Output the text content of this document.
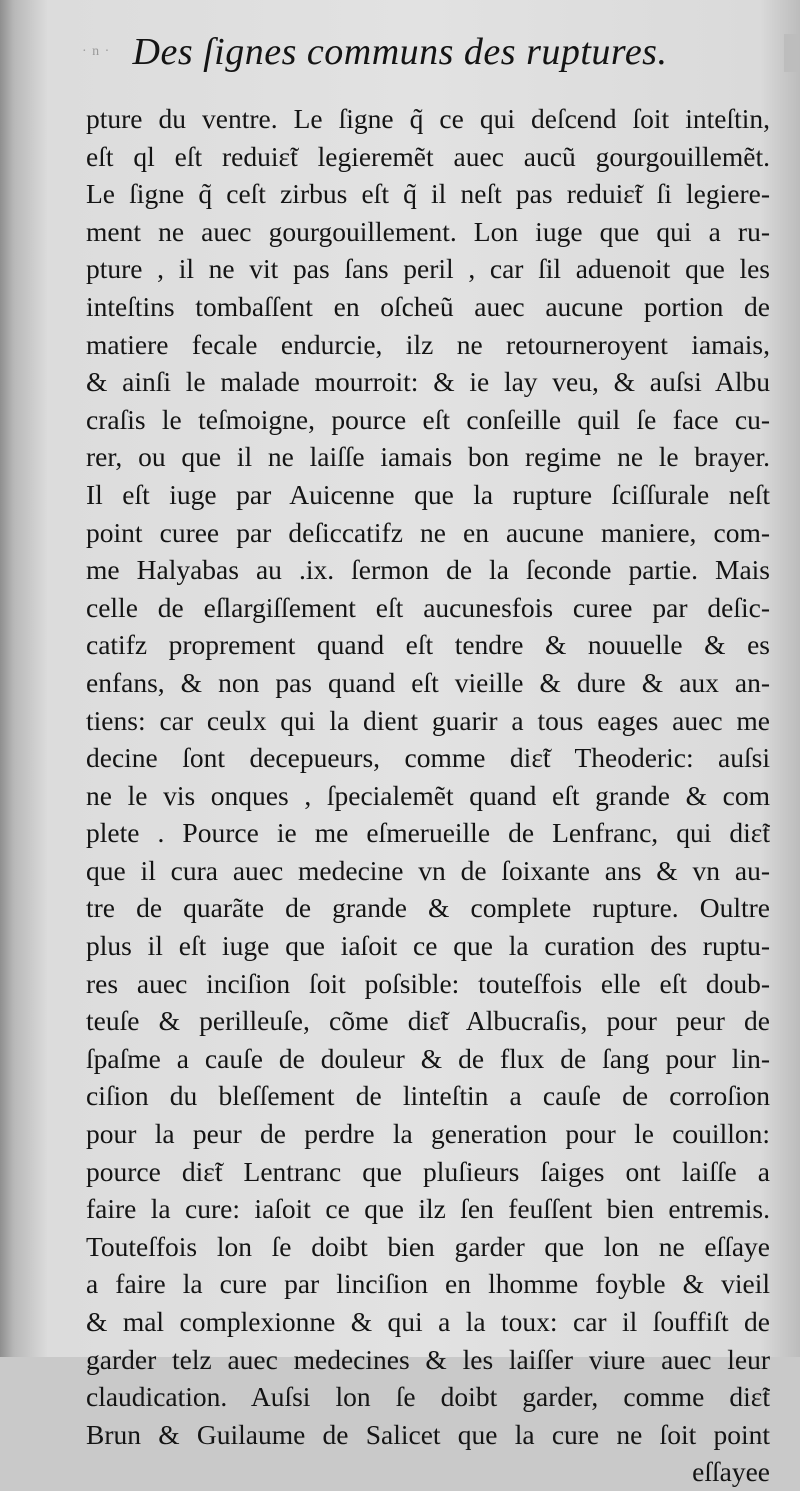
· n · Des ſignes communs des ruptures.
pture du ventre. Le ſigne q̃ ce qui deſcend ſoit inteſtin,
eſt ql eſt reduiɛ̃t legieremẽt auec aucũ gourgouillemẽt.
Le ſigne q̃ ceſt zirbus eſt q̃ il neſt pas reduiɛ̃t ſi legiere-
ment ne auec gourgouillement. Lon iuge que qui a ru-
pture , il ne vit pas ſans peril , car ſil aduenoit que les
inteſtins tombaſſent en oſcheũ auec aucune portion de
matiere fecale endurcie, ilz ne retourneroyent iamais,
& ainſi le malade mourroit: & ie lay veu, & auſsi Albu
craſis le teſmoigne, pource eſt conſeille quil ſe face cu-
rer, ou que il ne laiſſe iamais bon regime ne le brayer.
Il eſt iuge par Auicenne que la rupture ſciſſurale neſt
point curee par deſiccatifz ne en aucune maniere, com-
me Halyabas au .ix. ſermon de la ſeconde partie. Mais
celle de eſlargiſſement eſt aucunesfois curee par deſic-
catifz proprement quand eſt tendre & nouuelle & es
enfans, & non pas quand eſt vieille & dure & aux an-
tiens: car ceulx qui la dient guarir a tous eages auec me
decine ſont decepueurs, comme diɛ̃t Theoderic: auſsi
ne le vis onques , ſpecialemẽt quand eſt grande & com
plete . Pource ie me eſmerueille de Lenfranc, qui diɛ̃t
que il cura auec medecine vn de ſoixante ans & vn au-
tre de quarãte de grande & complete rupture. Oultre
plus il eſt iuge que iaſoit ce que la curation des ruptu-
res auec inciſion ſoit poſsible: touteſfois elle eſt doub-
teuſe & perilleuſe, cõme diɛ̃t Albucraſis, pour peur de
ſpaſme a cauſe de douleur & de flux de ſang pour lin-
ciſion du bleſſement de linteſtin a cauſe de corroſion
pour la peur de perdre la generation pour le couillon:
pource diɛ̃t Lentranc que pluſieurs ſaiges ont laiſſe a
faire la cure: iaſoit ce que ilz ſen feuſſent bien entremis.
Touteſfois lon ſe doibt bien garder que lon ne eſſaye
a faire la cure par linciſion en lhomme foyble & vieil
& mal complexionne & qui a la toux: car il ſouffiſt de
garder telz auec medecines & les laiſſer viure auec leur
claudication. Auſsi lon ſe doibt garder, comme diɛ̃t
Brun & Guilaume de Salicet que la cure ne ſoit point
eſſayee
